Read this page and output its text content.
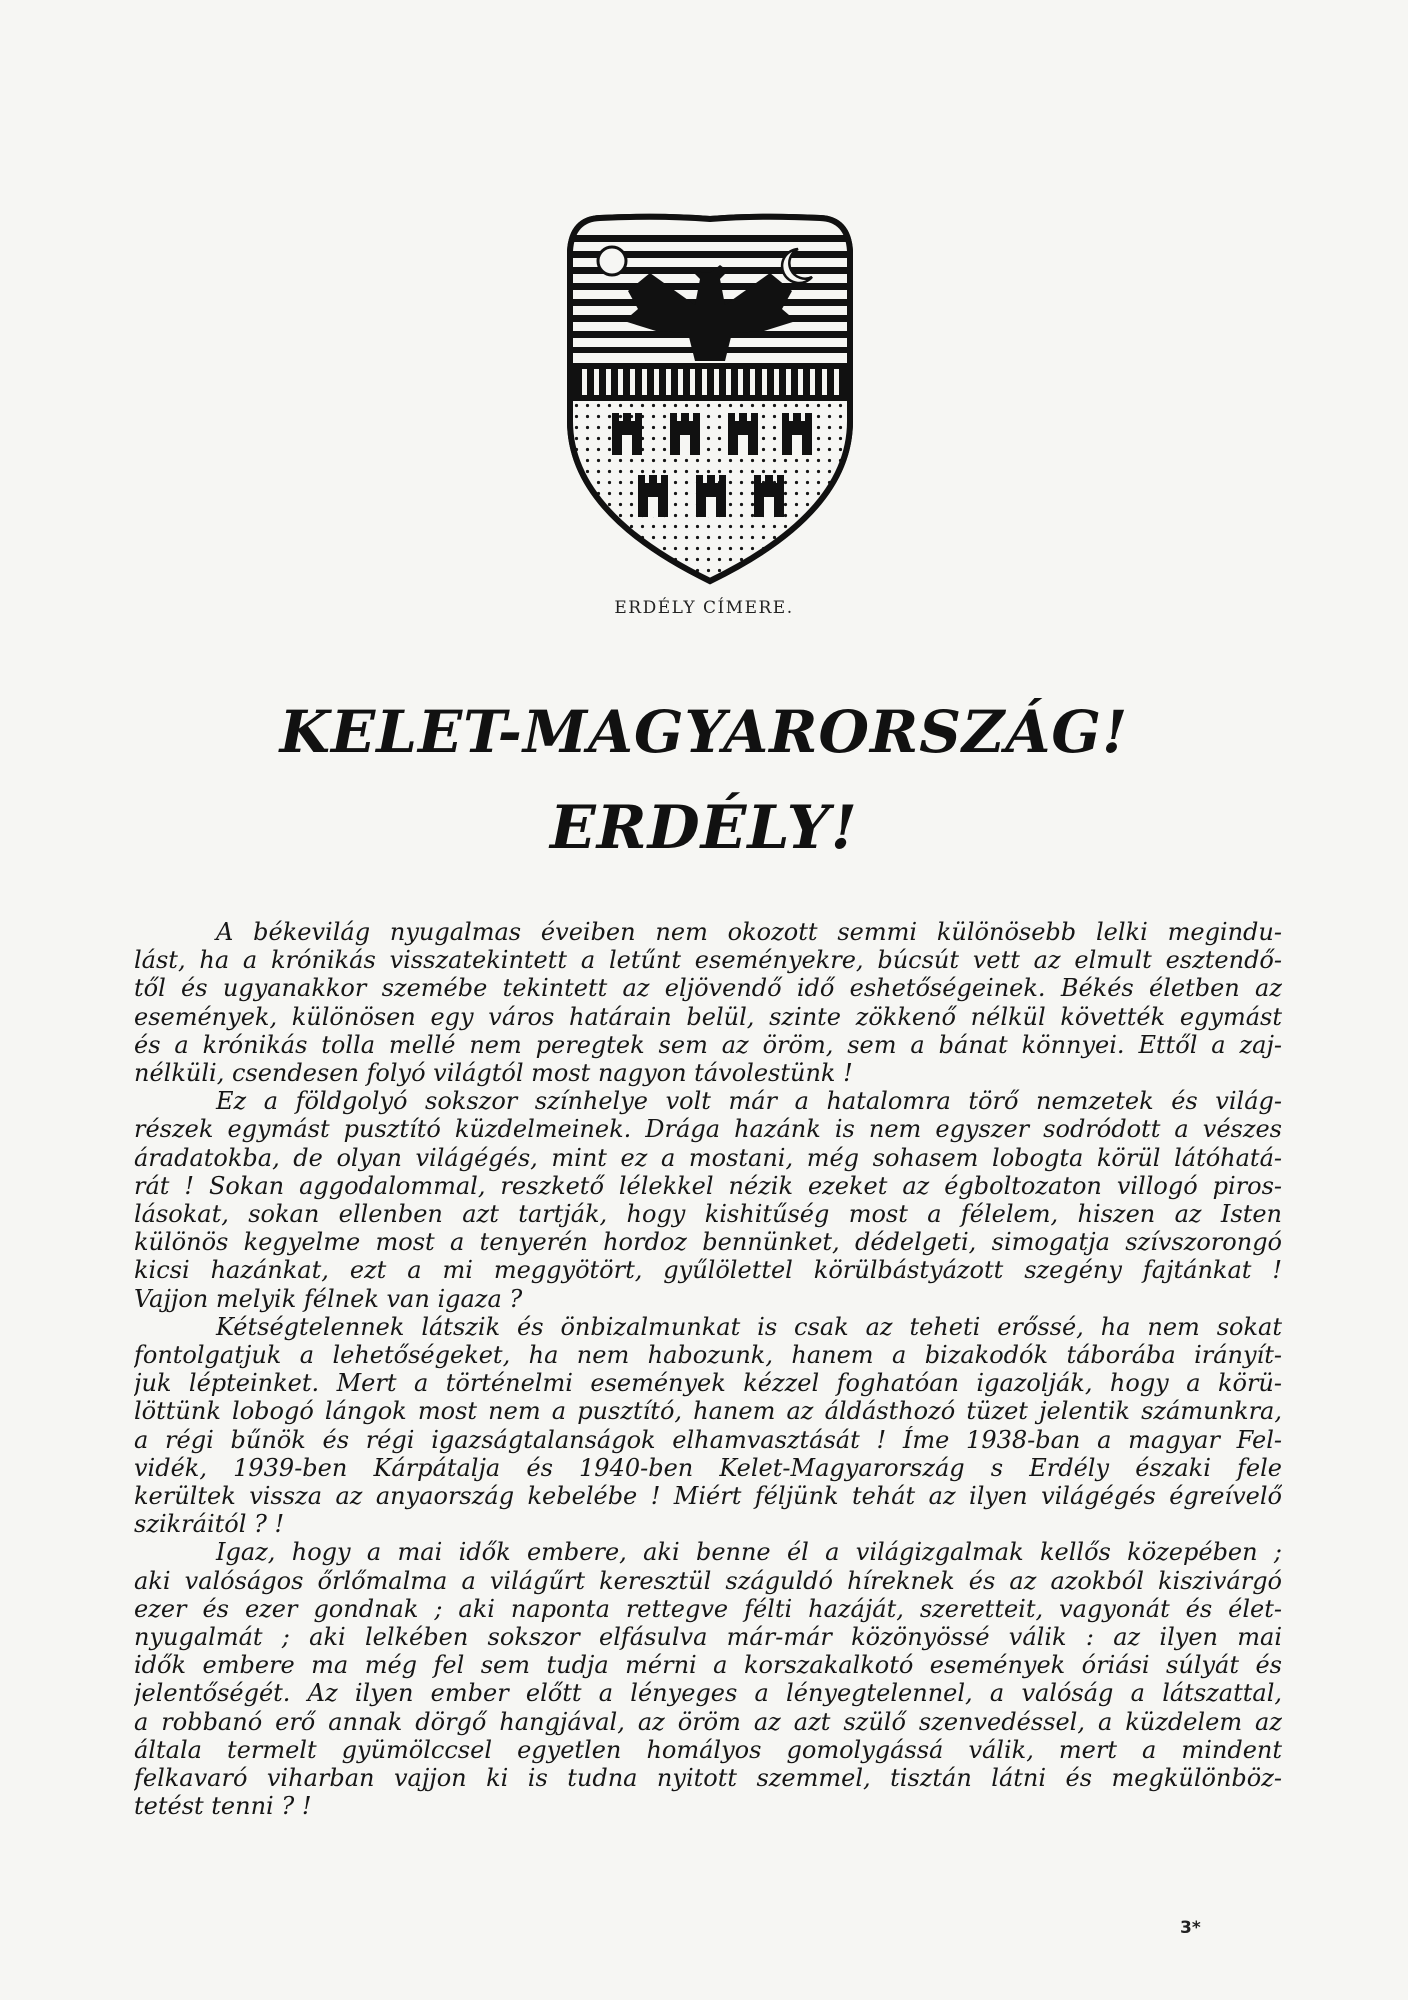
ERDÉLY CÍMERE.
KELET-MAGYARORSZÁG!
ERDÉLY!
A békevilág nyugalmas éveiben nem okozott semmi különösebb lelki megindu-
lást, ha a krónikás visszatekintett a letűnt eseményekre, búcsút vett az elmult esztendő-
től és ugyanakkor szemébe tekintett az eljövendő idő eshetőségeinek. Békés életben az
események, különösen egy város határain belül, szinte zökkenő nélkül követték egymást
és a krónikás tolla mellé nem peregtek sem az öröm, sem a bánat könnyei. Ettől a zaj-
nélküli, csendesen folyó világtól most nagyon távolestünk !
Ez a földgolyó sokszor színhelye volt már a hatalomra törő nemzetek és világ-
részek egymást pusztító küzdelmeinek. Drága hazánk is nem egyszer sodródott a vészes
áradatokba, de olyan világégés, mint ez a mostani, még sohasem lobogta körül látóhatá-
rát ! Sokan aggodalommal, reszkető lélekkel nézik ezeket az égboltozaton villogó piros-
lásokat, sokan ellenben azt tartják, hogy kishitűség most a félelem, hiszen az Isten
különös kegyelme most a tenyerén hordoz bennünket, dédelgeti, simogatja szívszorongó
kicsi hazánkat, ezt a mi meggyötört, gyűlölettel körülbástyázott szegény fajtánkat !
Vajjon melyik félnek van igaza ?
Kétségtelennek látszik és önbizalmunkat is csak az teheti erőssé, ha nem sokat
fontolgatjuk a lehetőségeket, ha nem habozunk, hanem a bizakodók táborába irányít-
juk lépteinket. Mert a történelmi események kézzel foghatóan igazolják, hogy a körü-
löttünk lobogó lángok most nem a pusztító, hanem az áldásthozó tüzet jelentik számunkra,
a régi bűnök és régi igazságtalanságok elhamvasztását ! Íme 1938-ban a magyar Fel-
vidék, 1939-ben Kárpátalja és 1940-ben Kelet-Magyarország s Erdély északi fele
kerültek vissza az anyaország kebelébe ! Miért féljünk tehát az ilyen világégés égreívelő
szikráitól ? !
Igaz, hogy a mai idők embere, aki benne él a világizgalmak kellős közepében ;
aki valóságos őrlőmalma a világűrt keresztül száguldó híreknek és az azokból kiszivárgó
ezer és ezer gondnak ; aki naponta rettegve félti hazáját, szeretteit, vagyonát és élet-
nyugalmát ; aki lelkében sokszor elfásulva már-már közönyössé válik : az ilyen mai
idők embere ma még fel sem tudja mérni a korszakalkotó események óriási súlyát és
jelentőségét. Az ilyen ember előtt a lényeges a lényegtelennel, a valóság a látszattal,
a robbanó erő annak dörgő hangjával, az öröm az azt szülő szenvedéssel, a küzdelem az
általa termelt gyümölccsel egyetlen homályos gomolygássá válik, mert a mindent
felkavaró viharban vajjon ki is tudna nyitott szemmel, tisztán látni és megkülönböz-
tetést tenni ? !
3*
